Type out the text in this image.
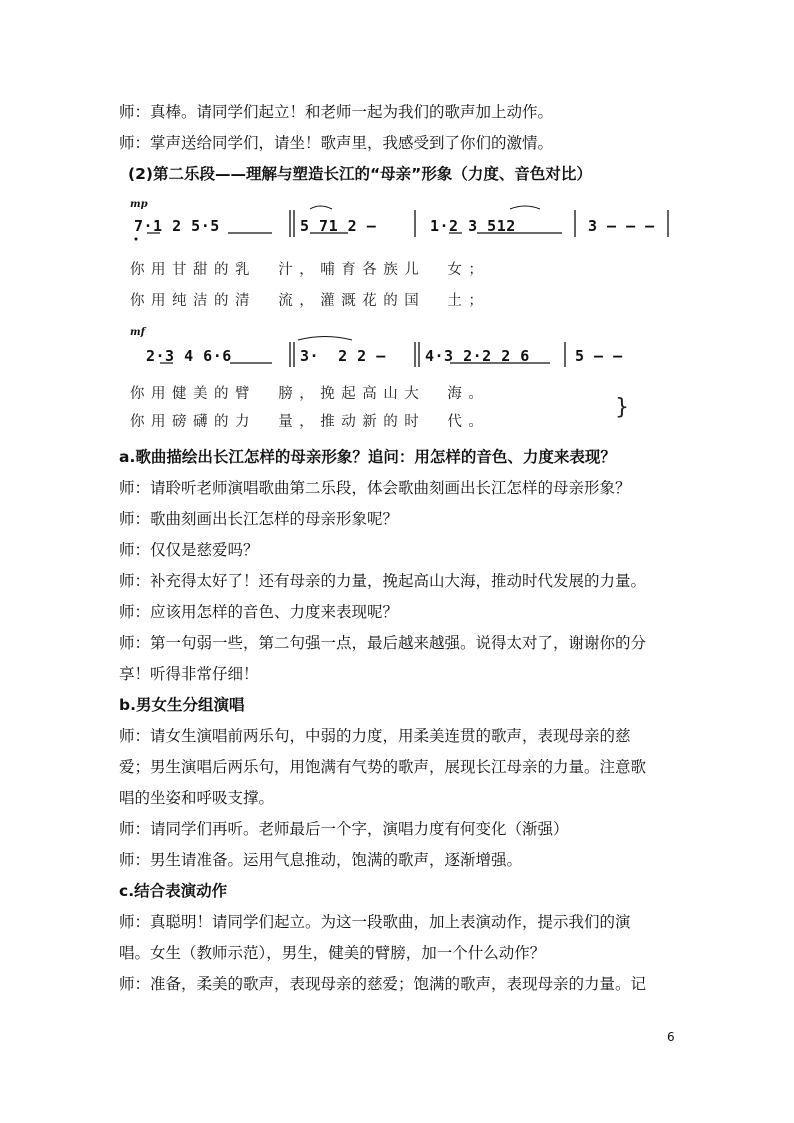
师：真棒。请同学们起立！和老师一起为我们的歌声加上动作。
师：掌声送给同学们，请坐！歌声里，我感受到了你们的激情。
(2)第二乐段——理解与塑造长江的“母亲”形象（力度、音色对比）
mp
7·1 2 5·5	5 71 2 –	1·2 3 512	3 – – –
你用甘甜的乳  汁，哺育各族儿  女；
你用纯洁的清  流，灌溉花的国  土；
mf
2·3 4 6·6	3·  2 2 –	4·3 2·2 2 6	5 – –
你用健美的臂  膀，挽起高山大  海。
你用磅礴的力  量，推动新的时  代。
}
a.歌曲描绘出长江怎样的母亲形象？追问：用怎样的音色、力度来表现？
师：请聆听老师演唱歌曲第二乐段，体会歌曲刻画出长江怎样的母亲形象？
师：歌曲刻画出长江怎样的母亲形象呢？
师：仅仅是慈爱吗？
师：补充得太好了！还有母亲的力量，挽起高山大海，推动时代发展的力量。
师：应该用怎样的音色、力度来表现呢？
师：第一句弱一些，第二句强一点，最后越来越强。说得太对了，谢谢你的分
享！听得非常仔细！
b.男女生分组演唱
师：请女生演唱前两乐句，中弱的力度，用柔美连贯的歌声，表现母亲的慈
爱；男生演唱后两乐句，用饱满有气势的歌声，展现长江母亲的力量。注意歌
唱的坐姿和呼吸支撑。
师：请同学们再听。老师最后一个字，演唱力度有何变化（渐强）
师：男生请准备。运用气息推动，饱满的歌声，逐渐增强。
c.结合表演动作
师：真聪明！请同学们起立。为这一段歌曲，加上表演动作，提示我们的演
唱。女生（教师示范），男生，健美的臂膀，加一个什么动作？
师：准备，柔美的歌声，表现母亲的慈爱；饱满的歌声，表现母亲的力量。记
6
